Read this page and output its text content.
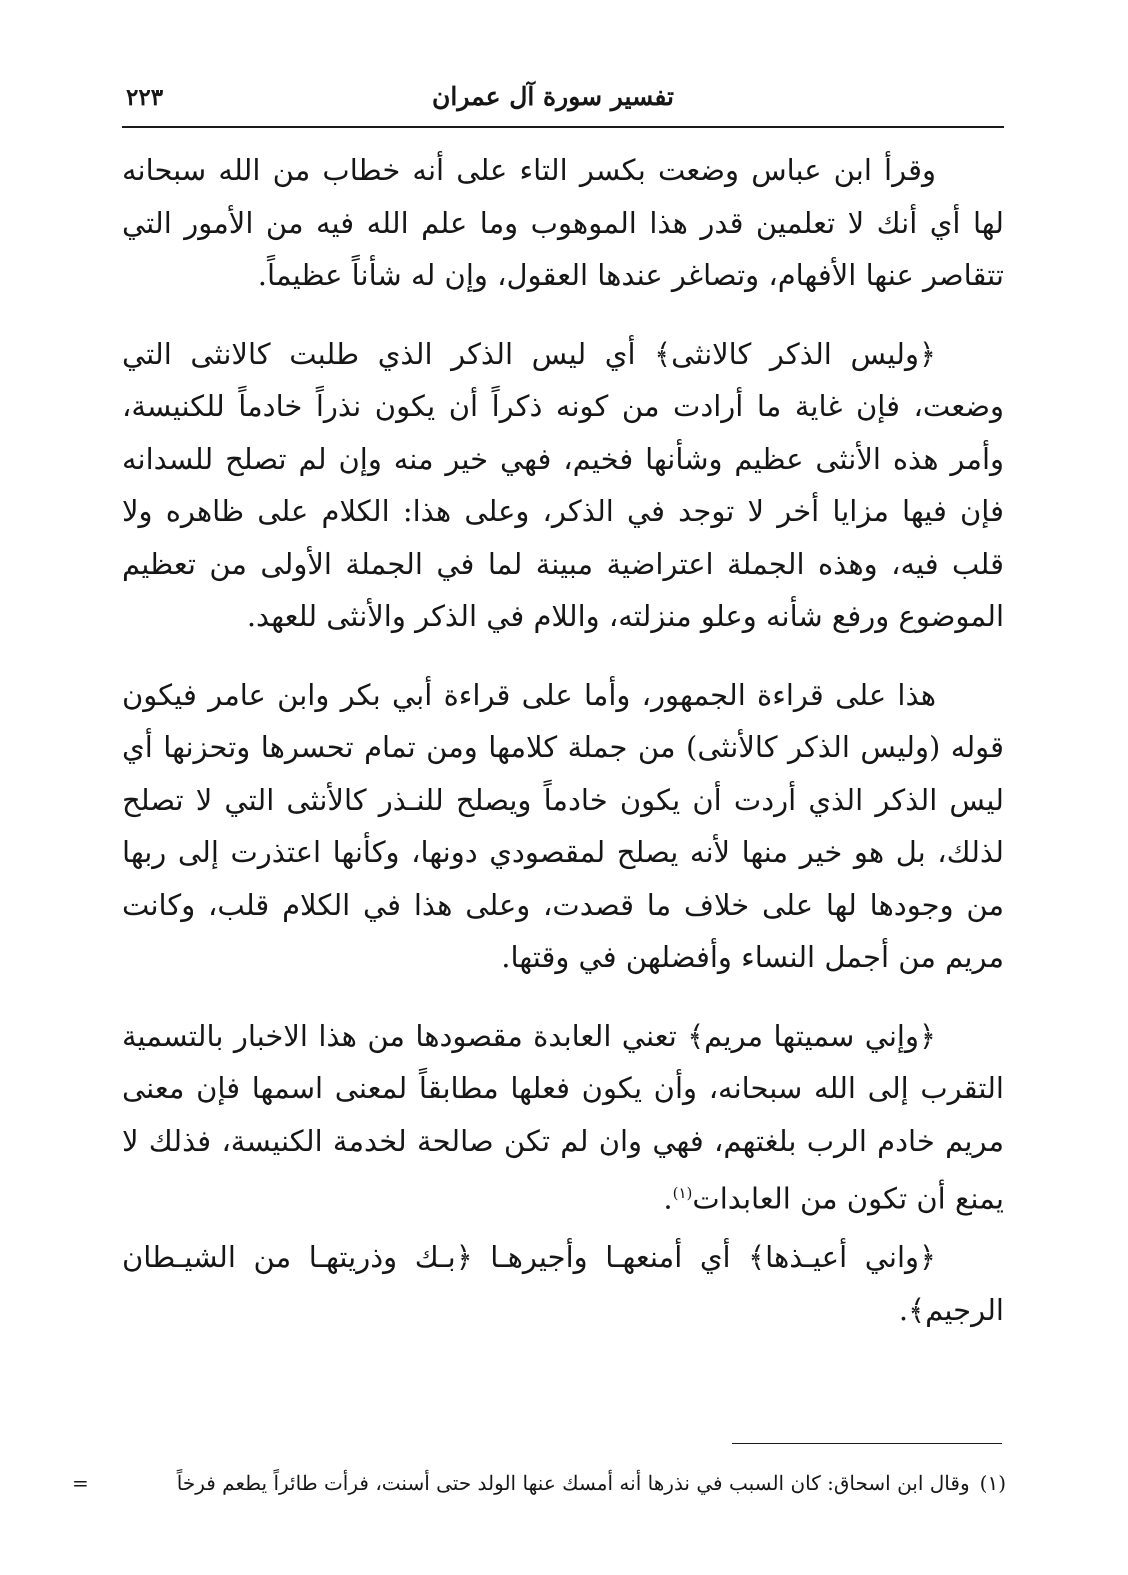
تفسير سورة آل عمران
٢٢٣

وقرأ ابن عباس وضعت بكسر التاء على أنه خطاب من الله سبحانه لها أي أنك لا تعلمين قدر هذا الموهوب وما علم الله فيه من الأمور التي تتقاصر عنها الأفهام، وتصاغر عندها العقول، وإن له شأناً عظيماً.

﴿وليس الذكر كالانثى﴾ أي ليس الذكر الذي طلبت كالانثى التي وضعت، فإن غاية ما أرادت من كونه ذكراً أن يكون نذراً خادماً للكنيسة، وأمر هذه الأنثى عظيم وشأنها فخيم، فهي خير منه وإن لم تصلح للسدانه فإن فيها مزايا أخر لا توجد في الذكر، وعلى هذا: الكلام على ظاهره ولا قلب فيه، وهذه الجملة اعتراضية مبينة لما في الجملة الأولى من تعظيم الموضوع ورفع شأنه وعلو منزلته، واللام في الذكر والأنثى للعهد.

هذا على قراءة الجمهور، وأما على قراءة أبي بكر وابن عامر فيكون قوله (وليس الذكر كالأنثى) من جملة كلامها ومن تمام تحسرها وتحزنها أي ليس الذكر الذي أردت أن يكون خادماً ويصلح للنـذر كالأنثى التي لا تصلح لذلك، بل هو خير منها لأنه يصلح لمقصودي دونها، وكأنها اعتذرت إلى ربها من وجودها لها على خلاف ما قصدت، وعلى هذا في الكلام قلب، وكانت مريم من أجمل النساء وأفضلهن في وقتها.

﴿وإني سميتها مريم﴾ تعني العابدة مقصودها من هذا الاخبار بالتسمية التقرب إلى الله سبحانه، وأن يكون فعلها مطابقاً لمعنى اسمها فإن معنى مريم خادم الرب بلغتهم، فهي وان لم تكن صالحة لخدمة الكنيسة، فذلك لا يمنع أن تكون من العابدات$^{(١)}$.

﴿واني أعيـذها﴾ أي أمنعهـا وأجيرهـا ﴿بـك وذريتهـا من الشيـطان الرجيم﴾.

(١)وقال ابن اسحاق: كان السبب في نذرها أنه أمسك عنها الولد حتى أسنت، فرأت طائراً يطعم فرخاً
=
